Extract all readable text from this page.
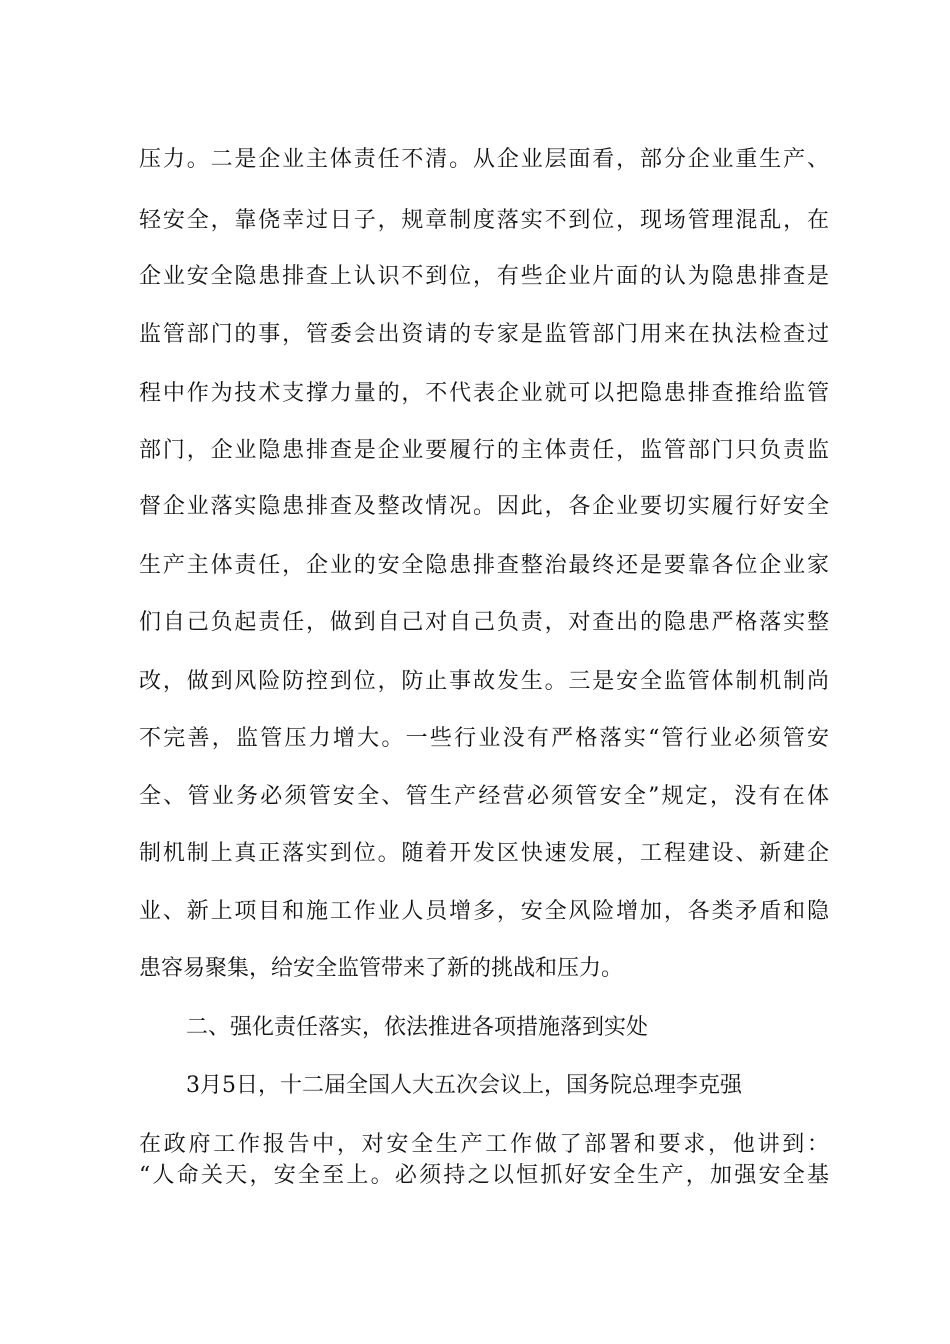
压力。二是企业主体责任不清。从企业层面看，部分企业重生产、
轻安全，靠侥幸过日子，规章制度落实不到位，现场管理混乱，在
企业安全隐患排查上认识不到位，有些企业片面的认为隐患排查是
监管部门的事，管委会出资请的专家是监管部门用来在执法检查过
程中作为技术支撑力量的，不代表企业就可以把隐患排查推给监管
部门，企业隐患排查是企业要履行的主体责任，监管部门只负责监
督企业落实隐患排查及整改情况。因此，各企业要切实履行好安全
生产主体责任，企业的安全隐患排查整治最终还是要靠各位企业家
们自己负起责任，做到自己对自己负责，对查出的隐患严格落实整
改，做到风险防控到位，防止事故发生。三是安全监管体制机制尚
不完善，监管压力增大。一些行业没有严格落实“管行业必须管安
全、管业务必须管安全、管生产经营必须管安全”规定，没有在体
制机制上真正落实到位。随着开发区快速发展，工程建设、新建企
业、新上项目和施工作业人员增多，安全风险增加，各类矛盾和隐
患容易聚集，给安全监管带来了新的挑战和压力。
二、强化责任落实，依法推进各项措施落到实处
3月5日，十二届全国人大五次会议上，国务院总理李克强
在政府工作报告中，对安全生产工作做了部署和要求，他讲到：
“人命关天，安全至上。必须持之以恒抓好安全生产，加强安全基
